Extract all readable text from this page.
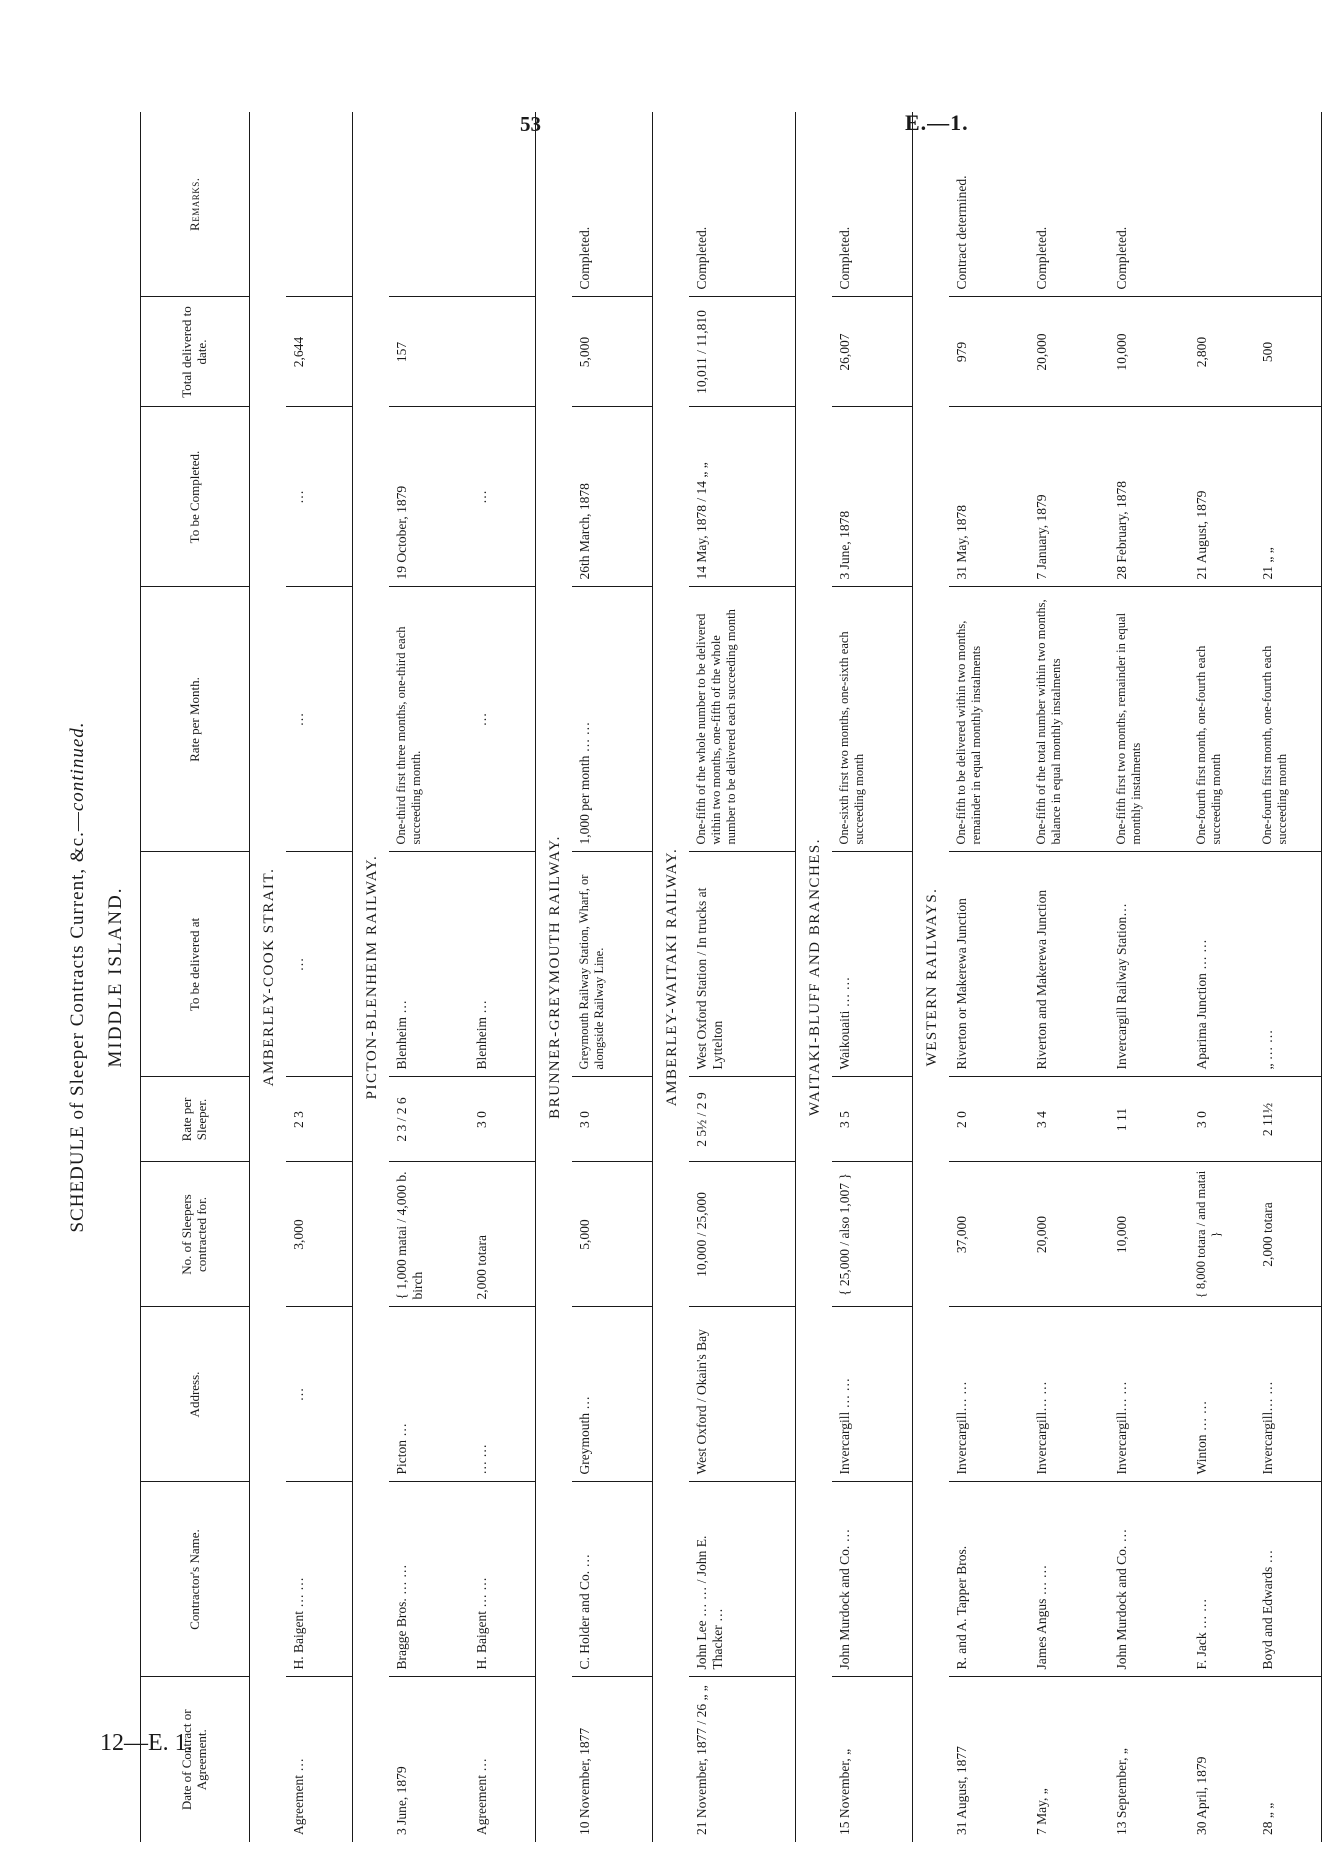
53	E.—1.
SCHEDULE of Sleeper Contracts Current, &c.—continued.
MIDDLE ISLAND.
Date of Contract or Agreement.	Contractor's Name.	Address.	No. of Sleepers contracted for.	Rate per Sleeper.	To be delivered at	Rate per Month.	To be Completed.	Total delivered to date.	Remarks.
AMBERLEY-COOK STRAIT.									
Agreement …	H. Baigent … …	…	3,000	2 3	…	…	…	2,644	
PICTON-BLENHEIM RAILWAY.									
3 June, 1879	Bragge Bros. … …	Picton …	{ 1,000 matai / 4,000 b. birch	2 3 / 2 6	Blenheim …	One-third first three months, one-third each succeeding month.	19 October, 1879	157	
Agreement …	H. Baigent … …	… …	2,000 totara	3 0	Blenheim …	…	…		
BRUNNER-GREYMOUTH RAILWAY.									
10 November, 1877	C. Holder and Co. …	Greymouth …	5,000	3 0	Greymouth Railway Station, Wharf, or alongside Railway Line.	1,000 per month … …	26th March, 1878	5,000	Completed.
AMBERLEY-WAITAKI RAILWAY.									
21 November, 1877 / 26 „ „	John Lee … … / John E. Thacker …	West Oxford / Okain's Bay	10,000 / 25,000	2 5½ / 2 9	West Oxford Station / In trucks at Lyttelton	One-fifth of the whole number to be delivered within two months, one-fifth of the whole number to be delivered each succeeding month	14 May, 1878 / 14 „ „	10,011 / 11,810	Completed.
WAITAKI-BLUFF AND BRANCHES.									
15 November, „	John Murdock and Co. …	Invercargill … …	{ 25,000 / also 1,007 }	3 5	Waikouaiti … …	One-sixth first two months, one-sixth each succeeding month	3 June, 1878	26,007	Completed.
WESTERN RAILWAYS.									
31 August, 1877	R. and A. Tapper Bros.	Invercargill… …	37,000	2 0	Riverton or Makerewa Junction	One-fifth to be delivered within two months, remainder in equal monthly instalments	31 May, 1878	979	Contract determined.
7 May, „	James Angus … …	Invercargill… …	20,000	3 4	Riverton and Makerewa Junction	One-fifth of the total number within two months, balance in equal monthly instalments	7 January, 1879	20,000	Completed.
13 September, „	John Murdock and Co. …	Invercargill… …	10,000	1 11	Invercargill Railway Station…	One-fifth first two months, remainder in equal monthly instalments	28 February, 1878	10,000	Completed.
30 April, 1879	F. Jack … …	Winton … …	{ 8,000 totara / and matai }	3 0	Aparima Junction … …	One-fourth first month, one-fourth each succeeding month	21 August, 1879	2,800	
28 „ „	Boyd and Edwards …	Invercargill… …	2,000 totara	2 11½	„ … …	One-fourth first month, one-fourth each succeeding month	21 „ „	500	
12—E. 1.
